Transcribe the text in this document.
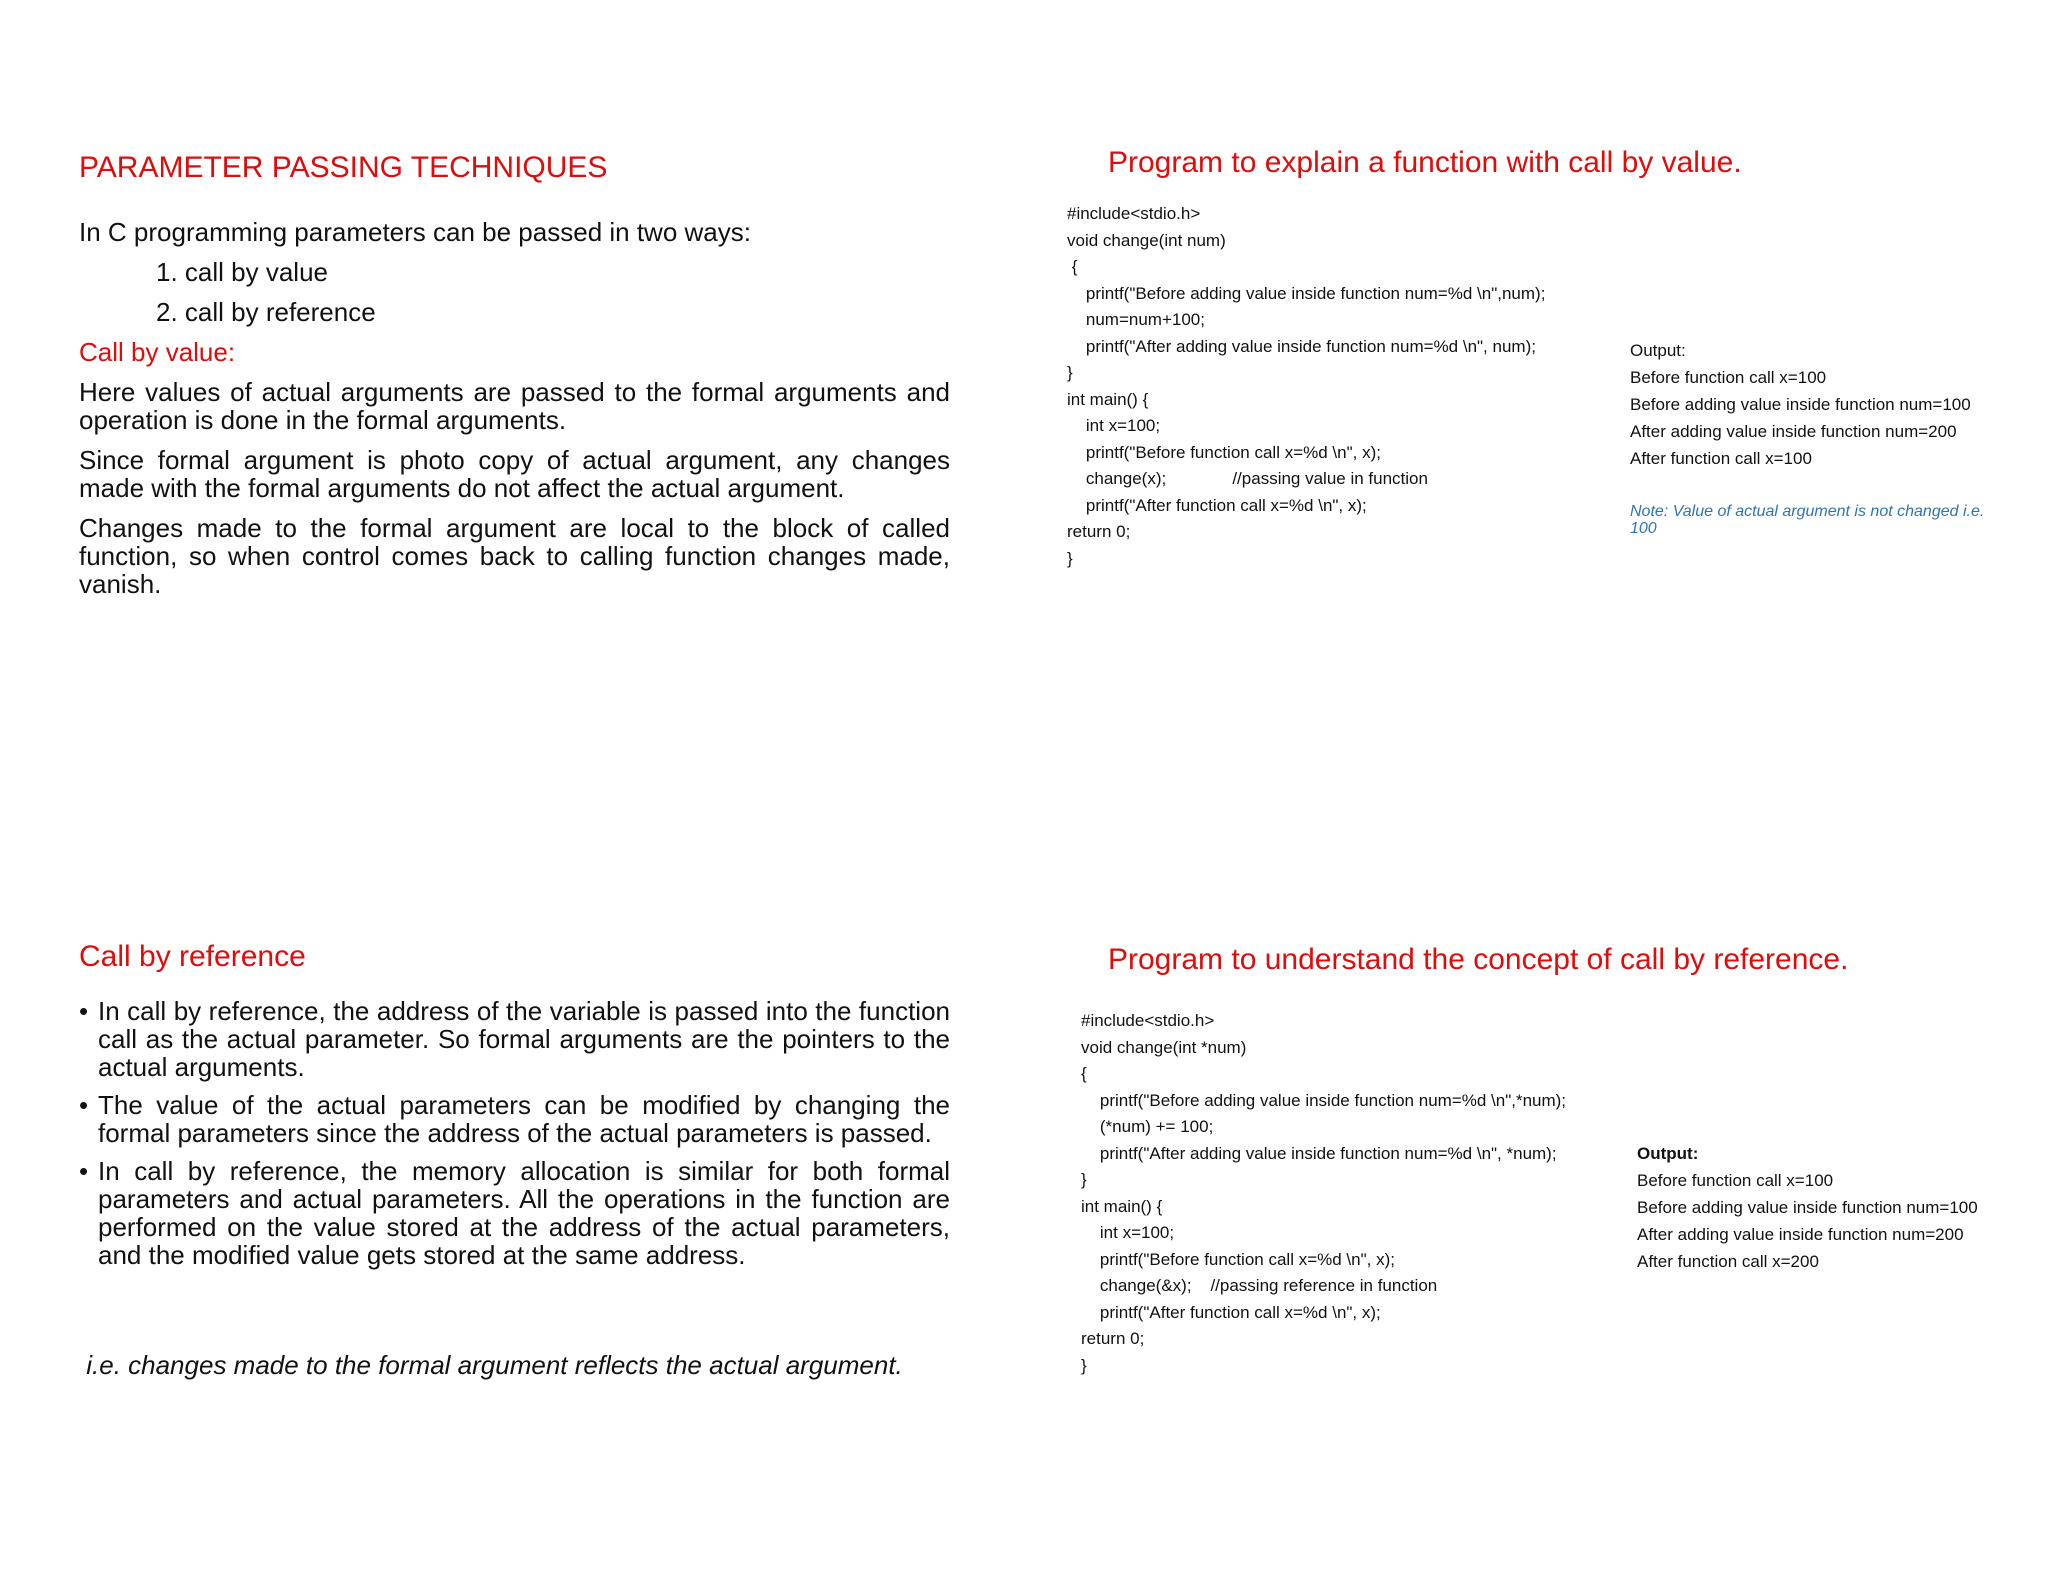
PARAMETER PASSING TECHNIQUES
In C programming parameters can be passed in two ways:
1. call by value
2. call by reference
Call by value:
Here values of actual arguments are passed to the formal arguments and operation is done in the formal arguments.
Since formal argument is photo copy of actual argument, any changes made with the formal arguments do not affect the actual argument.
Changes made to the formal argument are local to the block of called function, so when control comes back to calling function changes made, vanish.
Program to explain a function with call by value.
#include<stdio.h>
void change(int num)
{
printf("Before adding value inside function num=%d \n",num);
num=num+100;
printf("After adding value inside function num=%d \n", num);
}
int main() {
int x=100;
printf("Before function call x=%d \n", x);
change(x);              //passing value in function
printf("After function call x=%d \n", x);
return 0;
}
Output:
Before function call x=100
Before adding value inside function num=100
After adding value inside function num=200
After function call x=100
Note: Value of actual argument is not changed i.e. 100
Call by reference
• In call by reference, the address of the variable is passed into the function call as the actual parameter. So formal arguments are the pointers to the actual arguments.
• The value of the actual parameters can be modified by changing the formal parameters since the address of the actual parameters is passed.
• In call by reference, the memory allocation is similar for both formal parameters and actual parameters. All the operations in the function are performed on the value stored at the address of the actual parameters, and the modified value gets stored at the same address.
i.e. changes made to the formal argument reflects the actual argument.
Program to understand the concept of call by reference.
#include<stdio.h>
void change(int *num)
{
printf("Before adding value inside function num=%d \n",*num);
(*num) += 100;
printf("After adding value inside function num=%d \n", *num);
}
int main() {
int x=100;
printf("Before function call x=%d \n", x);
change(&x);    //passing reference in function
printf("After function call x=%d \n", x);
return 0;
}
Output:
Before function call x=100
Before adding value inside function num=100
After adding value inside function num=200
After function call x=200
